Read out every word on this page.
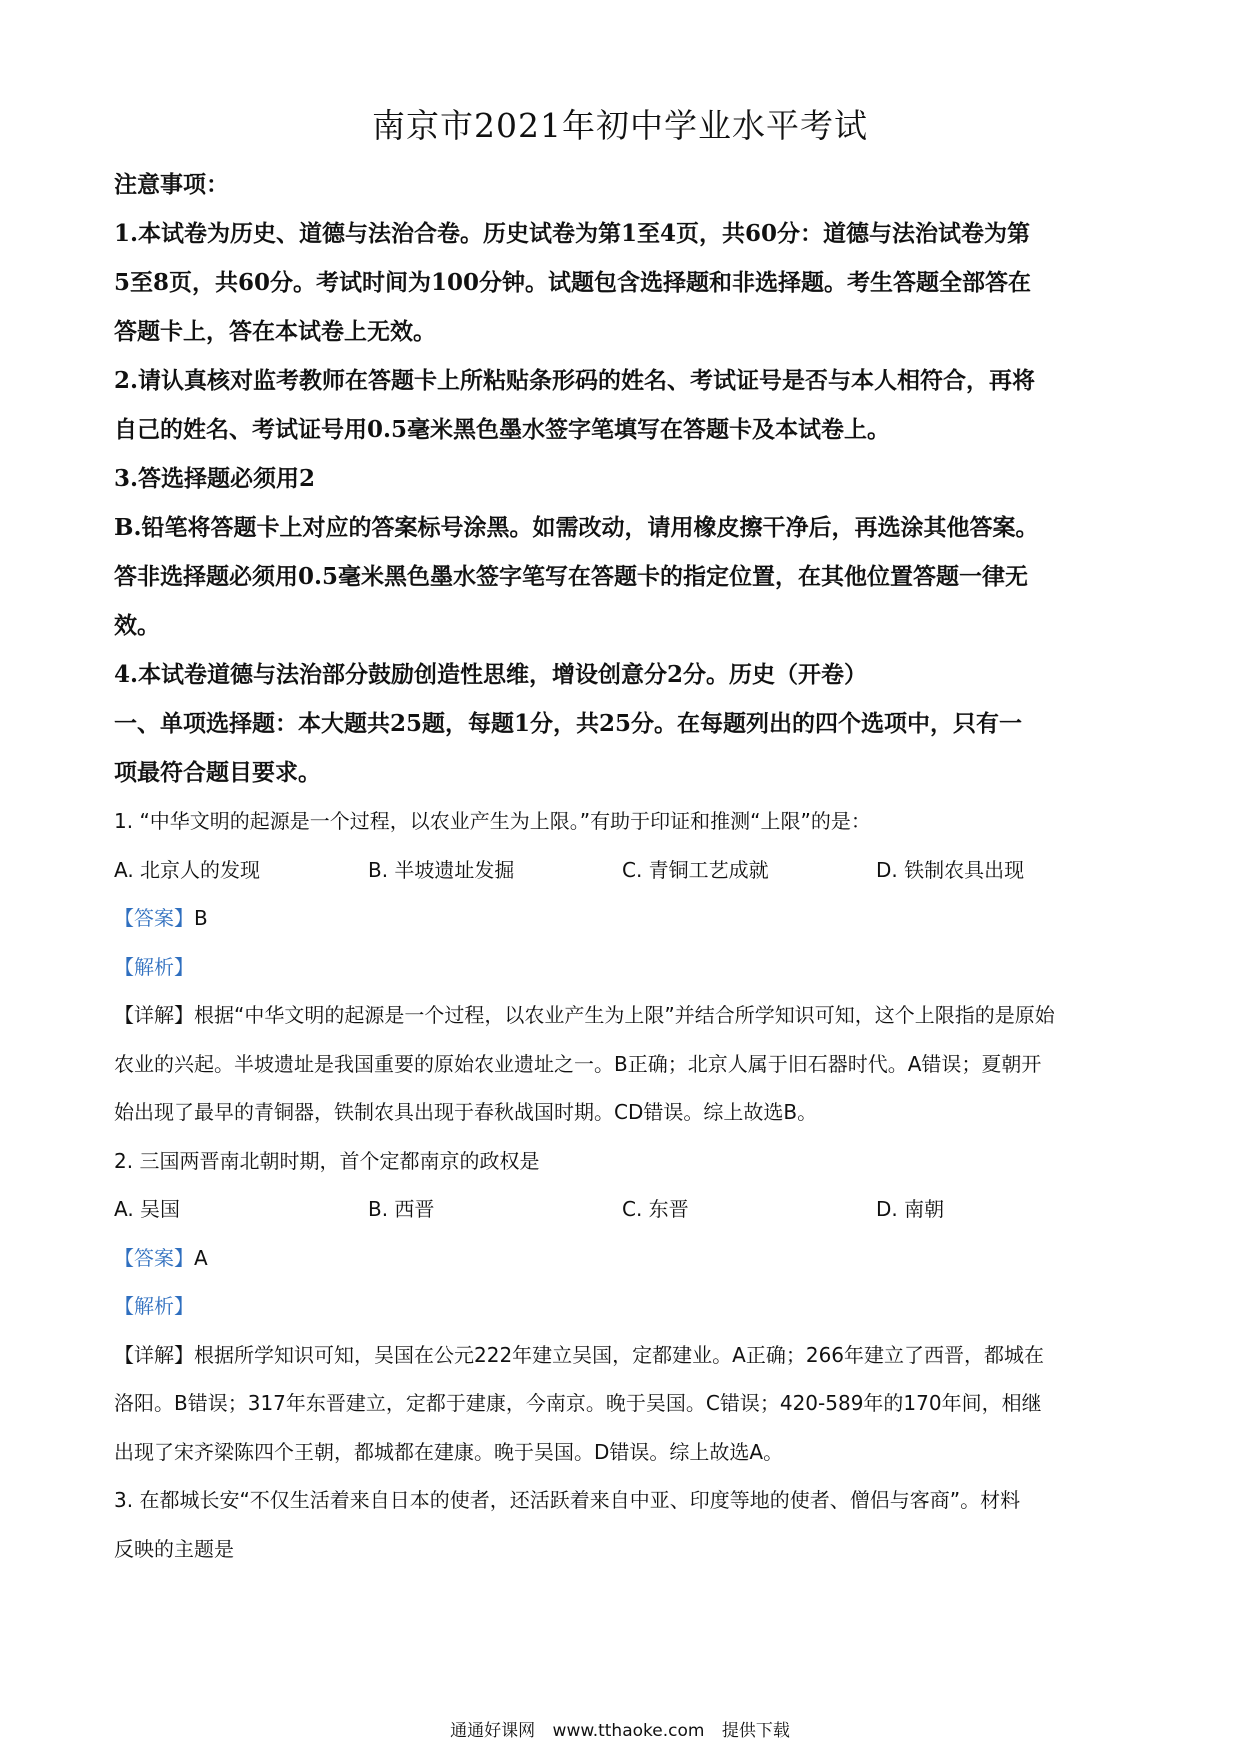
南京市2021年初中学业水平考试

注意事项：

1.本试卷为历史、道德与法治合卷。历史试卷为第1至4页，共60分：道德与法治试卷为第

5至8页，共60分。考试时间为100分钟。试题包含选择题和非选择题。考生答题全部答在

答题卡上，答在本试卷上无效。

2.请认真核对监考教师在答题卡上所粘贴条形码的姓名、考试证号是否与本人相符合，再将

自己的姓名、考试证号用0.5毫米黑色墨水签字笔填写在答题卡及本试卷上。

3.答选择题必须用2

B.铅笔将答题卡上对应的答案标号涂黑。如需改动，请用橡皮擦干净后，再选涂其他答案。

答非选择题必须用0.5毫米黑色墨水签字笔写在答题卡的指定位置，在其他位置答题一律无

效。

4.本试卷道德与法治部分鼓励创造性思维，增设创意分2分。历史（开卷）

一、单项选择题：本大题共25题，每题1分，共25分。在每题列出的四个选项中，只有一

项最符合题目要求。

1. “中华文明的起源是一个过程，以农业产生为上限。”有助于印证和推测“上限”的是：

A. 北京人的发现	B. 半坡遗址发掘	C. 青铜工艺成就	D. 铁制农具出现

【答案】B

【解析】

【详解】根据“中华文明的起源是一个过程，以农业产生为上限”并结合所学知识可知，这个上限指的是原始

农业的兴起。半坡遗址是我国重要的原始农业遗址之一。B正确；北京人属于旧石器时代。A错误；夏朝开

始出现了最早的青铜器，铁制农具出现于春秋战国时期。CD错误。综上故选B。

2. 三国两晋南北朝时期，首个定都南京的政权是

A. 吴国	B. 西晋	C. 东晋	D. 南朝

【答案】A

【解析】

【详解】根据所学知识可知，吴国在公元222年建立吴国，定都建业。A正确；266年建立了西晋，都城在

洛阳。B错误；317年东晋建立，定都于建康，今南京。晚于吴国。C错误；420-589年的170年间，相继

出现了宋齐梁陈四个王朝，都城都在建康。晚于吴国。D错误。综上故选A。

3. 在都城长安“不仅生活着来自日本的使者，还活跃着来自中亚、印度等地的使者、僧侣与客商”。材料

反映的主题是

通通好课网 www.tthaoke.com 提供下载
